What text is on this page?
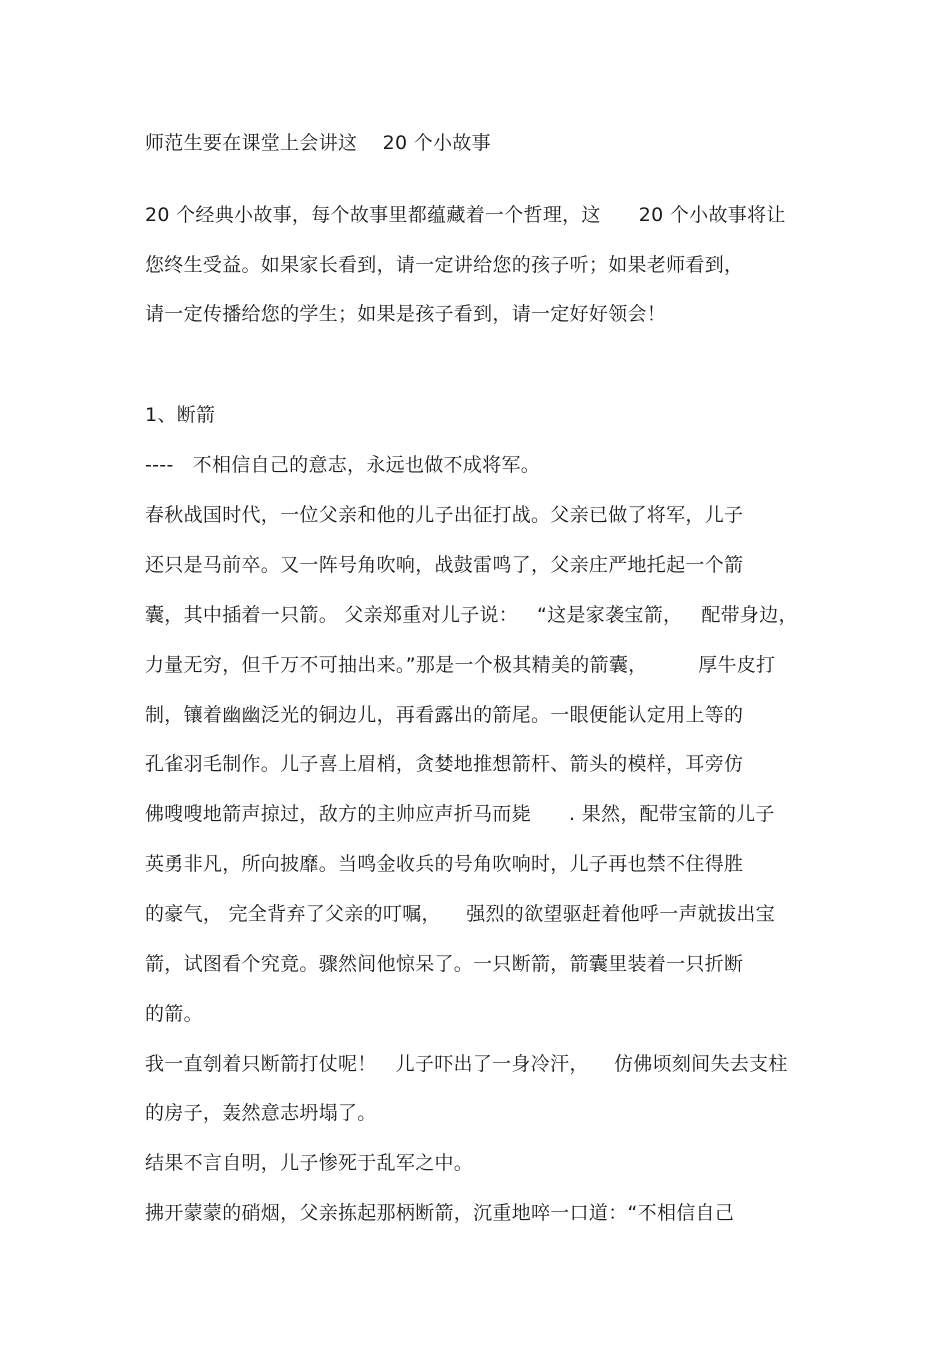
师范生要在课堂上会讲这    20 个小故事
20 个经典小故事，每个故事里都蕴藏着一个哲理，这      20 个小故事将让
您终生受益。如果家长看到，请一定讲给您的孩子听；如果老师看到，
请一定传播给您的学生；如果是孩子看到，请一定好好领会！
1、断箭
----   不相信自己的意志，永远也做不成将军。
春秋战国时代，一位父亲和他的儿子出征打战。父亲已做了将军，儿子
还只是马前卒。又一阵号角吹响，战鼓雷鸣了，父亲庄严地托起一个箭
囊，其中插着一只箭。 父亲郑重对儿子说：   “这是家袭宝箭，   配带身边，
力量无穷，但千万不可抽出来。”那是一个极其精美的箭囊，        厚牛皮打
制，镶着幽幽泛光的铜边儿，再看露出的箭尾。一眼便能认定用上等的
孔雀羽毛制作。儿子喜上眉梢，贪婪地推想箭杆、箭头的模样，耳旁仿
佛嗖嗖地箭声掠过，敌方的主帅应声折马而毙      . 果然，配带宝箭的儿子
英勇非凡，所向披靡。当鸣金收兵的号角吹响时，儿子再也禁不住得胜
的豪气， 完全背弃了父亲的叮嘱，    强烈的欲望驱赶着他呼一声就拔出宝
箭，试图看个究竟。骤然间他惊呆了。一只断箭，箭囊里装着一只折断
的箭。
我一直刳着只断箭打仗呢！   儿子吓出了一身冷汗，    仿佛顷刻间失去支柱
的房子，轰然意志坍塌了。
结果不言自明，儿子惨死于乱军之中。
拂开蒙蒙的硝烟，父亲拣起那柄断箭，沉重地啐一口道：“不相信自己
